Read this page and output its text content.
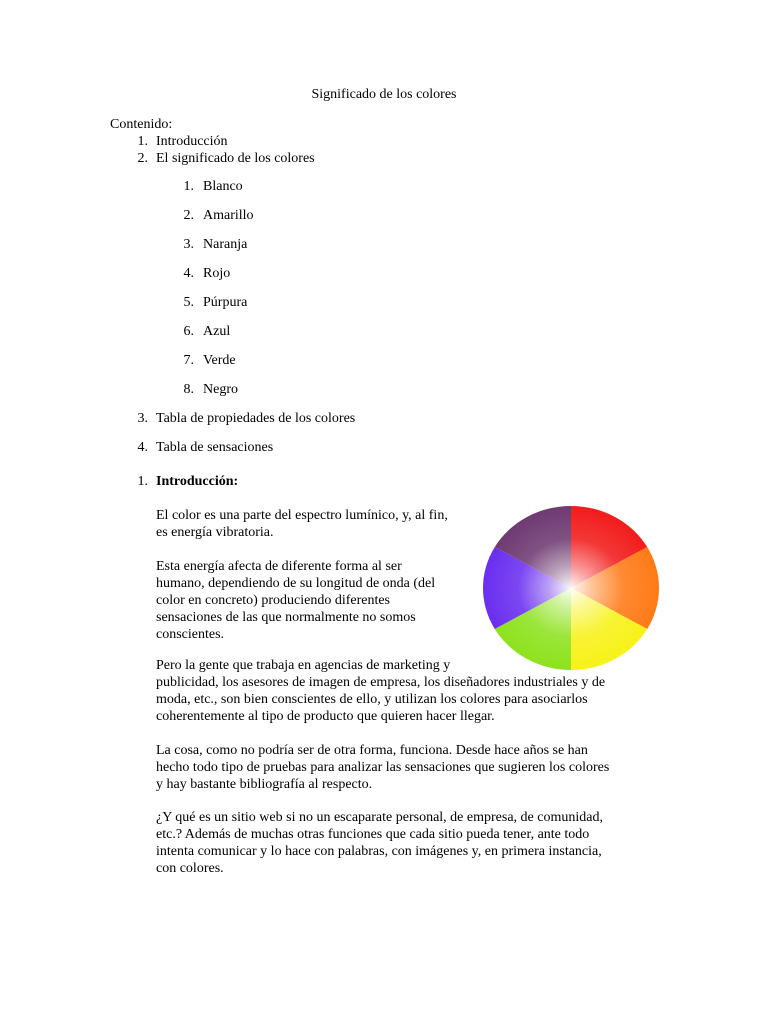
Significado de los colores
Contenido:
1. Introducción
2. El significado de los colores
1. Blanco
2. Amarillo
3. Naranja
4. Rojo
5. Púrpura
6. Azul
7. Verde
8. Negro
3. Tabla de propiedades de los colores
4. Tabla de sensaciones
1. Introducción:
El color es una parte del espectro lumínico, y, al fin,
es energía vibratoria.
Esta energía afecta de diferente forma al ser
humano, dependiendo de su longitud de onda (del
color en concreto) produciendo diferentes
sensaciones de las que normalmente no somos
conscientes.
Pero la gente que trabaja en agencias de marketing y
publicidad, los asesores de imagen de empresa, los diseñadores industriales y de
moda, etc., son bien conscientes de ello, y utilizan los colores para asociarlos
coherentemente al tipo de producto que quieren hacer llegar.
La cosa, como no podría ser de otra forma, funciona. Desde hace años se han
hecho todo tipo de pruebas para analizar las sensaciones que sugieren los colores
y hay bastante bibliografía al respecto.
¿Y qué es un sitio web si no un escaparate personal, de empresa, de comunidad,
etc.? Además de muchas otras funciones que cada sitio pueda tener, ante todo
intenta comunicar y lo hace con palabras, con imágenes y, en primera instancia,
con colores.
